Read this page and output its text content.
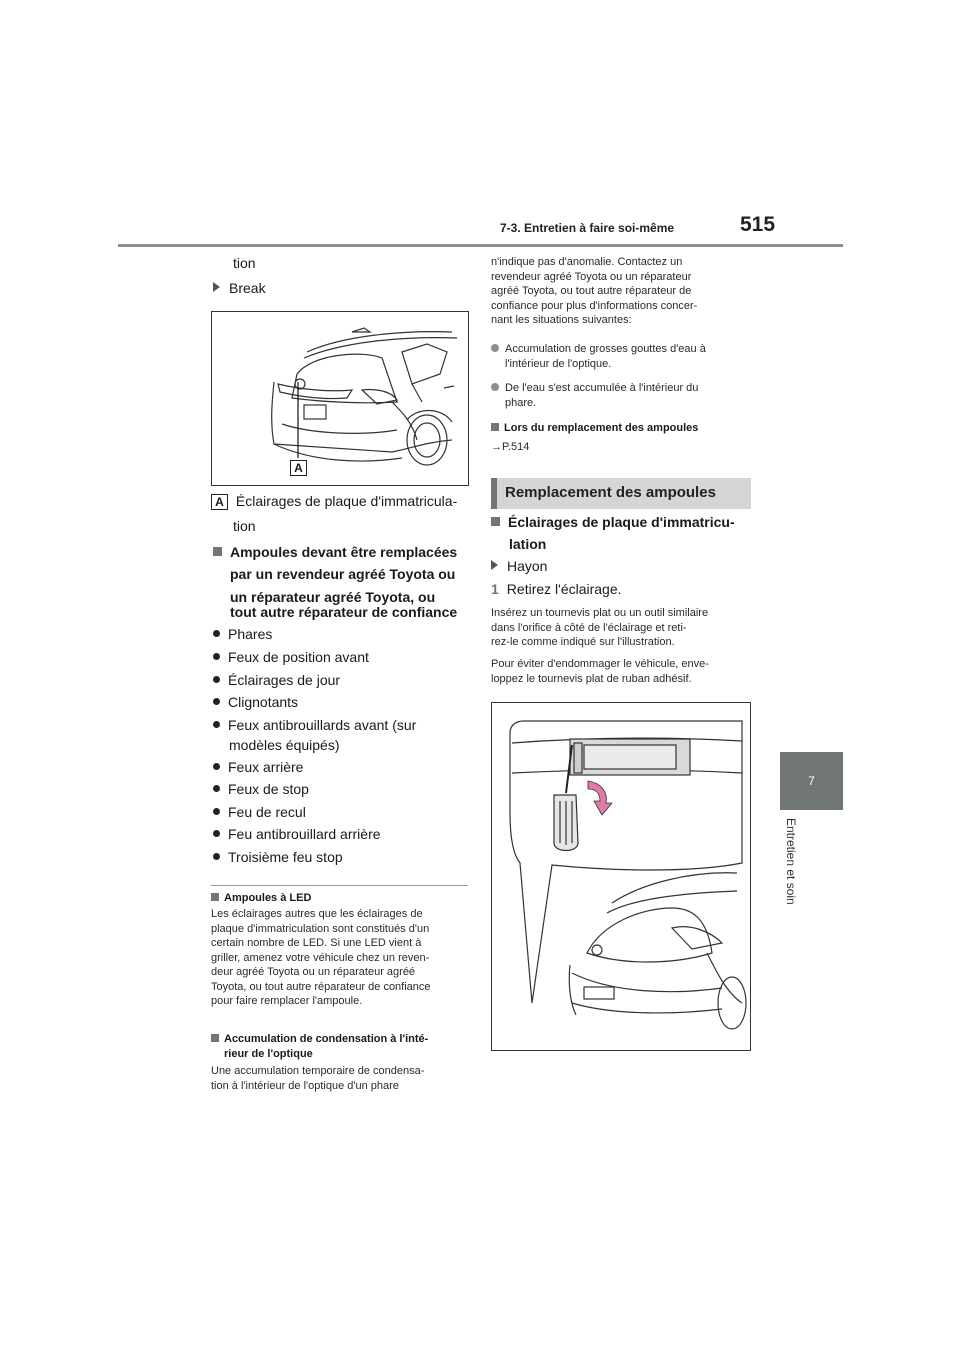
7-3. Entretien à faire soi-même	515
7
Entretien et soin
tion
Break
A
A Éclairages de plaque d'immatricula-
tion
Ampoules devant être remplacées
par un revendeur agréé Toyota ou
un réparateur agréé Toyota, ou
tout autre réparateur de confiance
Phares
Feux de position avant
Éclairages de jour
Clignotants
Feux antibrouillards avant (sur
modèles équipés)
Feux arrière
Feux de stop
Feu de recul
Feu antibrouillard arrière
Troisième feu stop
Ampoules à LED
Les éclairages autres que les éclairages de
plaque d'immatriculation sont constitués d'un
certain nombre de LED. Si une LED vient à
griller, amenez votre véhicule chez un reven-
deur agréé Toyota ou un réparateur agréé
Toyota, ou tout autre réparateur de confiance
pour faire remplacer l'ampoule.
Accumulation de condensation à l'inté-
rieur de l'optique
Une accumulation temporaire de condensa-
tion à l'intérieur de l'optique d'un phare
n'indique pas d'anomalie. Contactez un
revendeur agréé Toyota ou un réparateur
agréé Toyota, ou tout autre réparateur de
confiance pour plus d'informations concer-
nant les situations suivantes:
Accumulation de grosses gouttes d'eau à
l'intérieur de l'optique.
De l'eau s'est accumulée à l'intérieur du
phare.
Lors du remplacement des ampoules
→P.514
Remplacement des ampoules
Éclairages de plaque d'immatricu-
lation
Hayon
1 Retirez l'éclairage.
Insérez un tournevis plat ou un outil similaire
dans l'orifice à côté de l'éclairage et reti-
rez-le comme indiqué sur l'illustration.
Pour éviter d'endommager le véhicule, enve-
loppez le tournevis plat de ruban adhésif.
